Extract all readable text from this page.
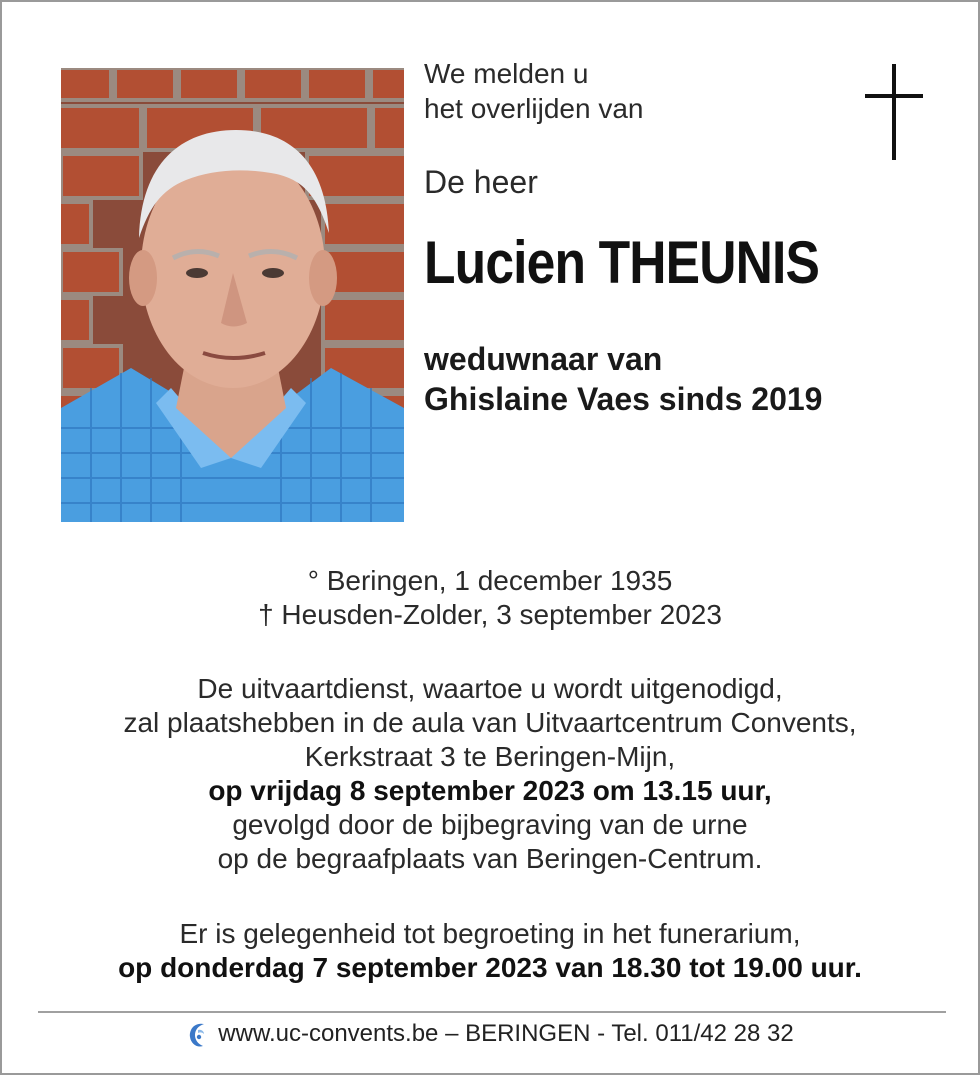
We melden u
het overlijden van
De heer
Lucien THEUNIS
weduwnaar van
Ghislaine Vaes sinds 2019
° Beringen, 1 december 1935
† Heusden-Zolder, 3 september 2023
De uitvaartdienst, waartoe u wordt uitgenodigd,
zal plaatshebben in de aula van Uitvaartcentrum Convents,
Kerkstraat 3 te Beringen-Mijn,
op vrijdag 8 september 2023 om 13.15 uur,
gevolgd door de bijbegraving van de urne
op de begraafplaats van Beringen-Centrum.
Er is gelegenheid tot begroeting in het funerarium,
op donderdag 7 september 2023 van 18.30 tot 19.00 uur.
www.uc-convents.be – BERINGEN - Tel. 011/42 28 32
